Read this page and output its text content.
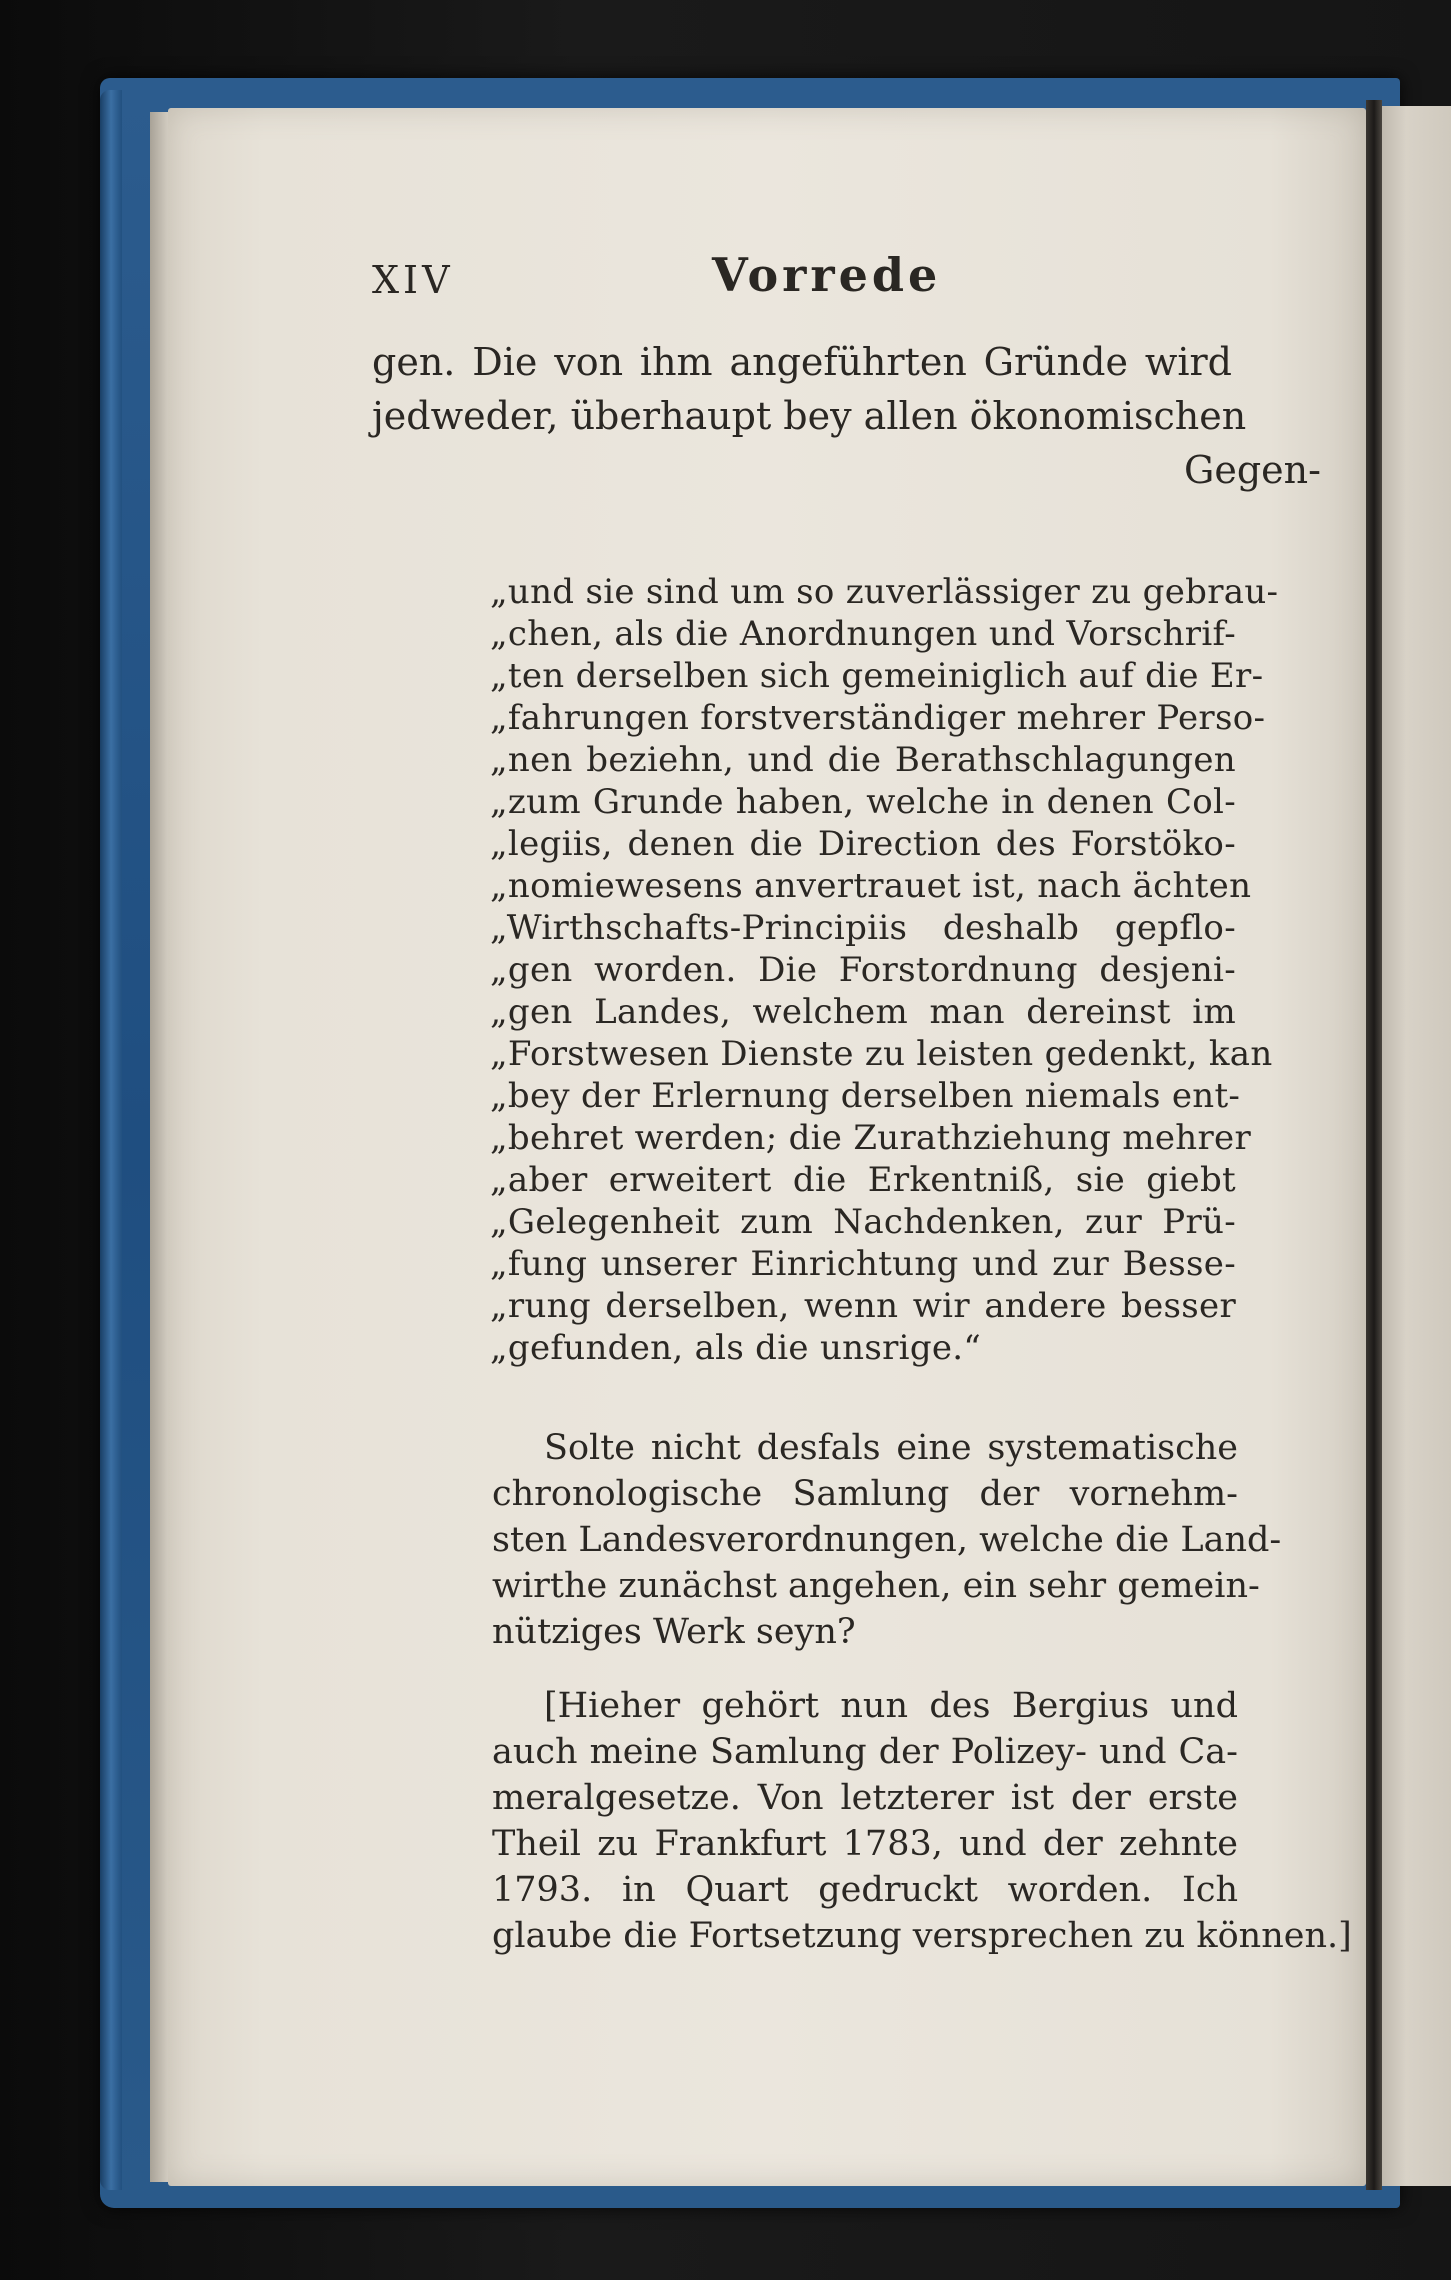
XIV	Vorrede
gen. Die von ihm angeführten Gründe wird
jedweder, überhaupt bey allen ökonomischen
Gegen-
„und sie sind um so zuverlässiger zu gebrau-
„chen, als die Anordnungen und Vorschrif-
„ten derselben sich gemeiniglich auf die Er-
„fahrungen forstverständiger mehrer Perso-
„nen beziehn, und die Berathschlagungen
„zum Grunde haben, welche in denen Col-
„legiis, denen die Direction des Forstöko-
„nomiewesens anvertrauet ist, nach ächten
„Wirthschafts-Principiis deshalb gepflo-
„gen worden. Die Forstordnung desjeni-
„gen Landes, welchem man dereinst im
„Forstwesen Dienste zu leisten gedenkt, kan
„bey der Erlernung derselben niemals ent-
„behret werden; die Zurathziehung mehrer
„aber erweitert die Erkentniß, sie giebt
„Gelegenheit zum Nachdenken, zur Prü-
„fung unserer Einrichtung und zur Besse-
„rung derselben, wenn wir andere besser
„gefunden, als die unsrige.“
Solte nicht desfals eine systematische
chronologische Samlung der vornehm-
sten Landesverordnungen, welche die Land-
wirthe zunächst angehen, ein sehr gemein-
nütziges Werk seyn?
[Hieher gehört nun des Bergius und
auch meine Samlung der Polizey- und Ca-
meralgesetze. Von letzterer ist der erste
Theil zu Frankfurt 1783, und der zehnte
1793. in Quart gedruckt worden. Ich
glaube die Fortsetzung versprechen zu können.]
